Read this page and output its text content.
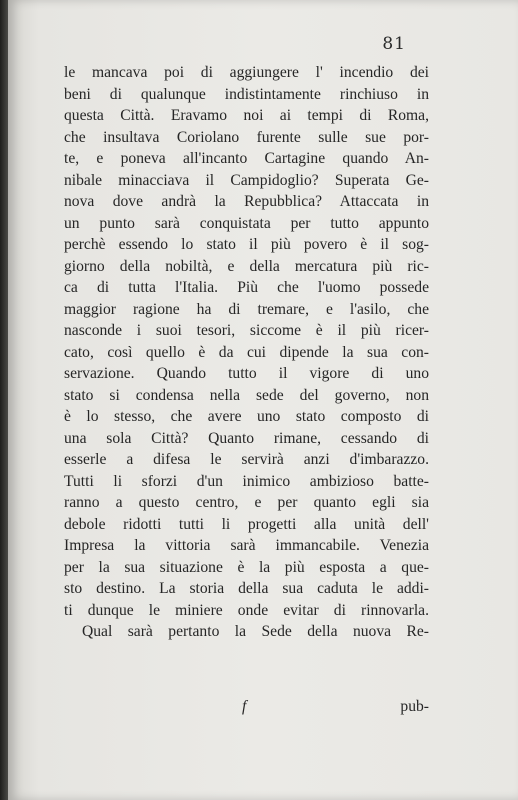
81
le mancava poi di aggiungere l' incendio dei
beni di qualunque indistintamente rinchiuso in
questa Città. Eravamo noi ai tempi di Roma,
che insultava Coriolano furente sulle sue por-
te, e poneva all'incanto Cartagine quando An-
nibale minacciava il Campidoglio? Superata Ge-
nova dove andrà la Repubblica? Attaccata in
un punto sarà conquistata per tutto appunto
perchè essendo lo stato il più povero è il sog-
giorno della nobiltà, e della mercatura più ric-
ca di tutta l'Italia. Più che l'uomo possede
maggior ragione ha di tremare, e l'asilo, che
nasconde i suoi tesori, siccome è il più ricer-
cato, così quello è da cui dipende la sua con-
servazione. Quando tutto il vigore di uno
stato si condensa nella sede del governo, non
è lo stesso, che avere uno stato composto di
una sola Città? Quanto rimane, cessando di
esserle a difesa le servirà anzi d'imbarazzo.
Tutti li sforzi d'un inimico ambizioso batte-
ranno a questo centro, e per quanto egli sia
debole ridotti tutti li progetti alla unità dell'
Impresa la vittoria sarà immancabile. Venezia
per la sua situazione è la più esposta a que-
sto destino. La storia della sua caduta le addi-
ti dunque le miniere onde evitar di rinnovarla.
Qual sarà pertanto la Sede della nuova Re-
f	pub-
